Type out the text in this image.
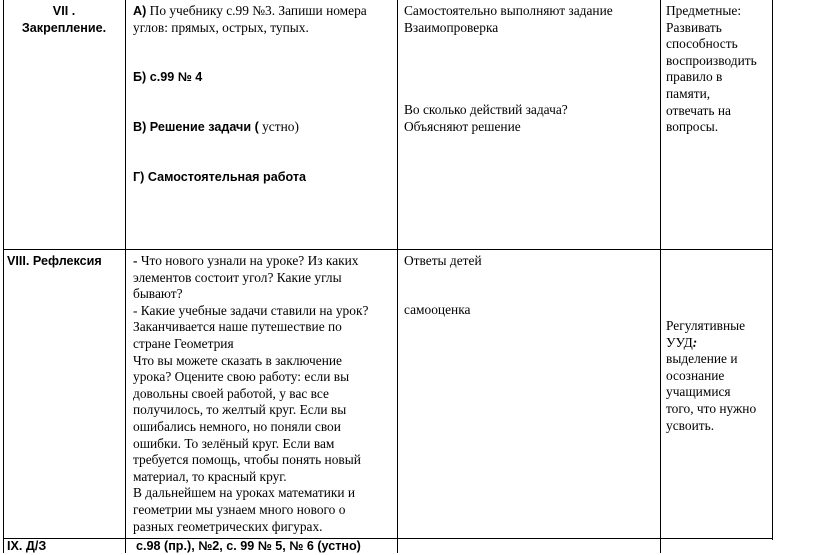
VII .
Закрепление.
А) По учебнику с.99 №3. Запиши номера
углов: прямых, острых, тупых.
Б) с.99 № 4
В) Решение задачи ( устно)
Г) Самостоятельная работа
Самостоятельно выполняют задание
Взаимопроверка
Во сколько действий задача?
Объясняют решение
Предметные:
Развивать
способность
воспроизводить
правило в
памяти,
отвечать на
вопросы.
VIII. Рефлексия - Что нового узнали на уроке? Из каких
элементов состоит угол? Какие углы
бывают?
- Какие учебные задачи ставили на урок?
Заканчивается наше путешествие по
стране Геометрия
Что вы можете сказать в заключение
урока? Оцените свою работу: если вы
довольны своей работой, у вас все
получилось, то желтый круг. Если вы
ошибались немного, но поняли свои
ошибки. То зелёный круг. Если вам
требуется помощь, чтобы понять новый
материал, то красный круг.
В дальнейшем на уроках математики и
геометрии мы узнаем много нового о
разных геометрических фигурах.
Ответы детей
самооценка
Регулятивные
УУД:
выделение и
осознание
учащимися
того, что нужно
усвоить.
IX. Д/З	с.98 (пр.), №2, с. 99 № 5, № 6 (устно)
